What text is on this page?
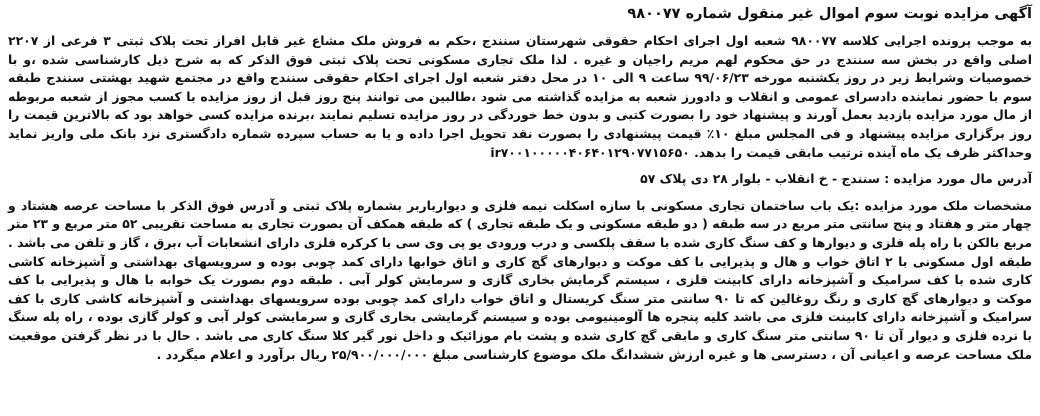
آگهی مزایده نوبت سوم اموال غیر منقول شماره ۹۸۰۰۷۷
به موجب پرونده اجرایی کلاسه ۹۸۰۰۷۷ شعبه اول اجرای احکام حقوقی شهرستان سنندج ،حکم به فروش ملک مشاع غیر قابل افراز تحت پلاک ثبتی ۳ فرعی از ۲۲۰۷ اصلی واقع در بخش سه سنندج در حق محکوم لهم مریم راجیان و غیره . لذا ملک تجاری مسکونی تحت پلاک ثبتی فوق الذکر که به شرح ذیل کارشناسی شده ،و با خصوصیات وشرایط زیر در روز یکشنبه مورخه ۹۹/۰۶/۲۳ ساعت ۹ الی ۱۰ در محل دفتر شعبه اول اجرای احکام حقوقی سنندج واقع در مجتمع شهید بهشتی سنندج طبقه سوم با حضور نماینده دادسرای عمومی و انقلاب و دادورز شعبه به مزایده گذاشته می شود ،طالبین می توانند پنج روز قبل از روز مزایده با کسب مجوز از شعبه مربوطه از مال مورد مزایده بازدید بعمل آورند و پیشنهاد خود را بصورت کتبی و بدون خط خوردگی در روز مزایده تسلیم نمایند ،برنده مزایده کسی خواهد بود که بالاترین قیمت را روز برگزاری مزایده پیشنهاد و فی المجلس مبلغ ۱۰٪ قیمت پیشنهادی را بصورت نقد تحویل اجرا داده و یا به حساب سپرده شماره دادگستری نزد بانک ملی واریز نماید وحداکثر ظرف یک ماه آینده ترتیب مابقی قیمت را بدهد. ir۷۰۰۱۰۰۰۰۰۴۰۶۴۰۱۲۹۰۷۷۱۵۶۵۰
آدرس مال مورد مزایده : سنندج - خ انقلاب - بلوار ۲۸ دی پلاک ۵۷
مشخصات ملک مورد مزایده :یک باب ساختمان تجاری مسکونی با سازه اسکلت نیمه فلزی و دیوارباربر بشماره پلاک ثبتی و آدرس فوق الذکر با مساحت عرصه هشتاد و چهار متر و هفتاد و پنج سانتی متر مربع در سه طبقه ( دو طبقه مسکونی و یک طبقه تجاری ) که طبقه همکف آن بصورت تجاری به مساحت تقریبی ۵۲ متر مربع و ۲۳ متر مربع بالکن با راه پله فلزی و دیوارها و کف سنگ کاری شده با سقف پلکسی و درب ورودی یو پی وی سی با کرکره فلزی دارای انشعابات آب ،برق ، گاز و تلفن می باشد . طبقه اول مسکونی با ۲ اتاق خواب و هال و پذیرایی با کف موکت و دیوارهای گچ کاری و اتاق خوابها دارای کمد چوبی بوده و سرویسهای بهداشتی و آشپزخانه کاشی کاری شده با کف سرامیک و آشپزخانه دارای کابینت فلزی ، سیستم گرمایش بخاری گازی و سرمایش کولر آبی . طبقه دوم بصورت یک خوابه با هال و پذیرایی با کف موکت و دیوارهای گچ کاری و رنگ روغالین که تا ۹۰ سانتی متر سنگ کریستال و اتاق خواب دارای کمد چوبی بوده سرویسهای بهداشتی و آشپزخانه کاشی کاری با کف سرامیک و آشپزخانه دارای کابینت فلزی می باشد کلیه پنجره ها آلومینیومی بوده و سیستم گرمایشی بخاری گازی و سرمایشی کولر آبی و کولر گازی بوده ، راه پله سنگ با نرده فلزی و دیوار آن تا ۹۰ سانتی متر سنگ کاری و مابقی گچ کاری شده و پشت بام موزائیک و داخل نور گیر کلا سنگ کاری می باشد . حال با در نظر گرفتن موقعیت ملک مساحت عرصه و اعیانی آن ، دسترسی ها و غیره ارزش ششدانگ ملک موضوع کارشناسی مبلغ ۲۵/۹۰۰/۰۰۰/۰۰۰ ریال برآورد و اعلام میگردد .
